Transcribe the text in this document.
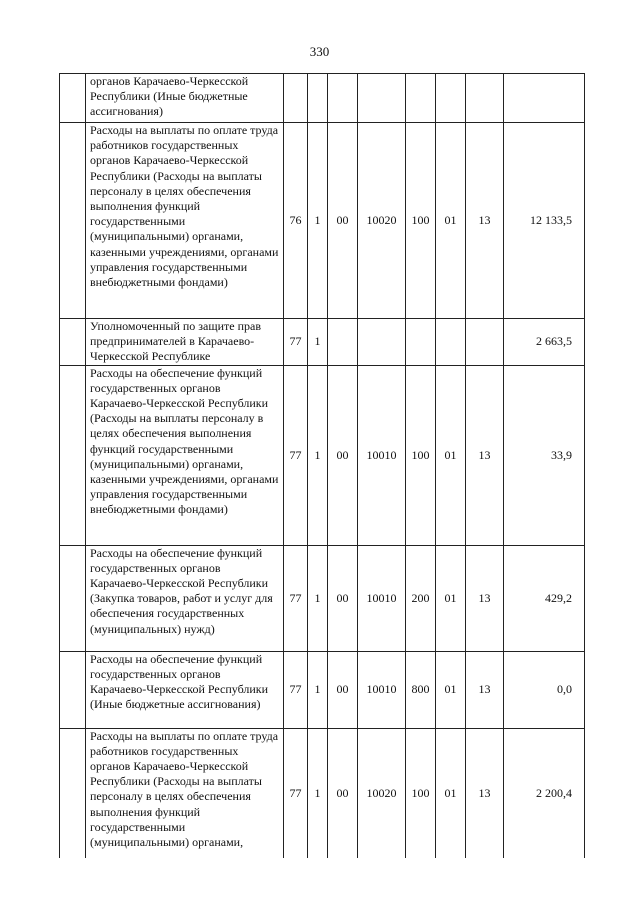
330
	органов Карачаево-Черкесской Республики (Иные бюджетные ассигнования)								
	Расходы на выплаты по оплате труда работников государственных органов Карачаево-Черкесской Республики (Расходы на выплаты персоналу в целях обеспечения выполнения функций государственными (муниципальными) органами, казенными учреждениями, органами управления государственными внебюджетными фондами)	76	1	00	10020	100	01	13	12 133,5
	Уполномоченный по защите прав предпринимателей в Карачаево-Черкесской Республике	77	1						2 663,5
	Расходы на обеспечение функций государственных органов Карачаево-Черкесской Республики (Расходы на выплаты персоналу в целях обеспечения выполнения функций государственными (муниципальными) органами, казенными учреждениями, органами управления государственными внебюджетными фондами)	77	1	00	10010	100	01	13	33,9
	Расходы на обеспечение функций государственных органов Карачаево-Черкесской Республики (Закупка товаров, работ и услуг для обеспечения государственных (муниципальных) нужд)	77	1	00	10010	200	01	13	429,2
	Расходы на обеспечение функций государственных органов Карачаево-Черкесской Республики (Иные бюджетные ассигнования)	77	1	00	10010	800	01	13	0,0
	Расходы на выплаты по оплате труда работников государственных органов Карачаево-Черкесской Республики (Расходы на выплаты персоналу в целях обеспечения выполнения функций государственными (муниципальными) органами,	77	1	00	10020	100	01	13	2 200,4
